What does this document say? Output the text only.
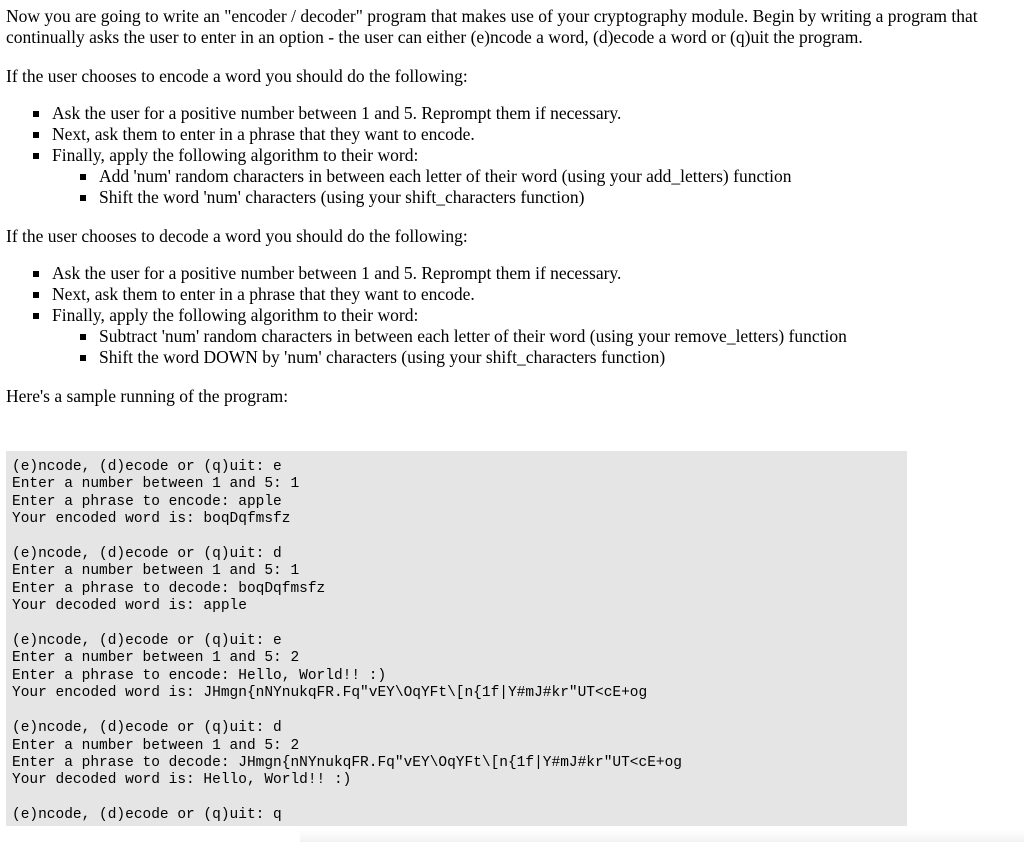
Now you are going to write an "encoder / decoder" program that makes use of your cryptography module. Begin by writing a program that continually asks the user to enter in an option - the user can either (e)ncode a word, (d)ecode a word or (q)uit the program.

If the user chooses to encode a word you should do the following:

Ask the user for a positive number between 1 and 5. Reprompt them if necessary.
Next, ask them to enter in a phrase that they want to encode.
Finally, apply the following algorithm to their word:
Add 'num' random characters in between each letter of their word (using your add_letters) function
Shift the word 'num' characters (using your shift_characters function)

If the user chooses to decode a word you should do the following:

Ask the user for a positive number between 1 and 5. Reprompt them if necessary.
Next, ask them to enter in a phrase that they want to encode.
Finally, apply the following algorithm to their word:
Subtract 'num' random characters in between each letter of their word (using your remove_letters) function
Shift the word DOWN by 'num' characters (using your shift_characters function)

Here's a sample running of the program:

(e)ncode, (d)ecode or (q)uit: e
Enter a number between 1 and 5: 1
Enter a phrase to encode: apple
Your encoded word is: boqDqfmsfz

(e)ncode, (d)ecode or (q)uit: d
Enter a number between 1 and 5: 1
Enter a phrase to decode: boqDqfmsfz
Your decoded word is: apple

(e)ncode, (d)ecode or (q)uit: e
Enter a number between 1 and 5: 2
Enter a phrase to encode: Hello, World!! :)
Your encoded word is: JHmgn{nNYnukqFR.Fq"vEY\OqYFt\[n{1f|Y#mJ#kr"UT<cE+og

(e)ncode, (d)ecode or (q)uit: d
Enter a number between 1 and 5: 2
Enter a phrase to decode: JHmgn{nNYnukqFR.Fq"vEY\OqYFt\[n{1f|Y#mJ#kr"UT<cE+og
Your decoded word is: Hello, World!! :)

(e)ncode, (d)ecode or (q)uit: q
